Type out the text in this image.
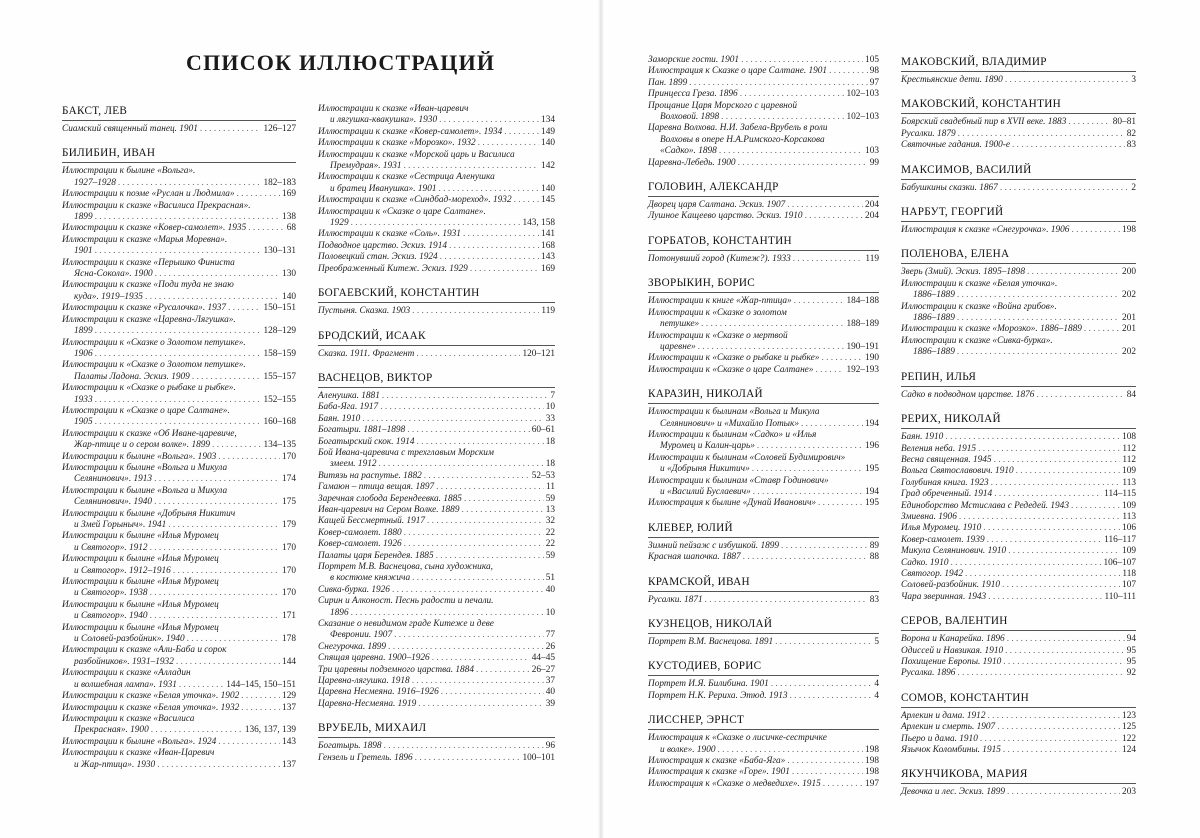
СПИСОК ИЛЛЮСТРАЦИЙ
БАКСТ, ЛЕВ
Сиамский священный танец. 1901 . . .	126–127
БИЛИБИН, ИВАН
Иллюстрации к былине «Вольга».
1927–1928 . . .	182–183
Иллюстрации к поэме «Руслан и Людмила» . . .	169
Иллюстрации к сказке «Василиса Прекрасная».
1899 . . .	138
Иллюстрации к сказке «Ковер-самолет». 1935 . . .	68
Иллюстрации к сказке «Марья Моревна».
1901 . . .	130–131
Иллюстрации к сказке «Перышко Финиста
Ясна-Сокола». 1900 . . .	130
Иллюстрации к сказке «Поди туда не знаю
куда». 1919–1935 . . .	140
Иллюстрации к сказке «Русалочка». 1937 . . .	150–151
Иллюстрации к сказке «Царевна-Лягушка».
1899 . . .	128–129
Иллюстрации к «Сказке о Золотом петушке».
1906 . . .	158–159
Иллюстрации к «Сказке о Золотом петушке».
Палаты Ладона. Эскиз. 1909 . . .	155–157
Иллюстрации к «Сказке о рыбаке и рыбке».
1933 . . .	152–155
Иллюстрации к «Сказке о царе Салтане».
1905 . . .	160–168
Иллюстрации к сказке «Об Иване-царевиче,
Жар-птице и о сером волке». 1899 . . .	134–135
Иллюстрации к былине «Вольга». 1903 . . .	170
Иллюстрации к былине «Вольга и Микула
Селянинович». 1913 . . .	174
Иллюстрации к былине «Вольга и Микула
Селянинович». 1940 . . .	175
Иллюстрации к былине «Добрыня Никитич
и Змей Горыныч». 1941 . . .	179
Иллюстрации к былине «Илья Муромец
и Святогор». 1912 . . .	170
Иллюстрации к былине «Илья Муромец
и Святогор». 1912–1916 . . .	170
Иллюстрации к былине «Илья Муромец
и Святогор». 1938 . . .	170
Иллюстрации к былине «Илья Муромец
и Святогор». 1940 . . .	171
Иллюстрации к былине «Илья Муромец
и Соловей-разбойник». 1940 . . .	178
Иллюстрации к сказке «Али-Баба и сорок
разбойников». 1931–1932 . . .	144
Иллюстрации к сказке «Алладин
и волшебная лампа». 1931 . . .	144–145, 150–151
Иллюстрации к сказке «Белая уточка». 1902 . . .	129
Иллюстрации к сказке «Белая уточка». 1932 . . .	137
Иллюстрации к сказке «Василиса
Прекрасная». 1900 . . .	136, 137, 139
Иллюстрации к былине «Вольга». 1924 . . .	143
Иллюстрации к сказке «Иван-Царевич
и Жар-птица». 1930 . . .	137
Иллюстрации к сказке «Иван-царевич
и лягушка-квакушка». 1930 . . .	134
Иллюстрации к сказке «Ковер-самолет». 1934 . . .	149
Иллюстрации к сказке «Морозко». 1932 . . .	140
Иллюстрации к сказке «Морской царь и Василиса
Премудрая». 1931 . . .	142
Иллюстрации к сказке «Сестрица Аленушка
и братец Иванушка». 1901 . . .	140
Иллюстрации к сказке «Синдбад-мореход». 1932 . . .	145
Иллюстрации к «Сказке о царе Салтане».
1929 . . .	143, 158
Иллюстрации к сказке «Соль». 1931 . . .	141
Подводное царство. Эскиз. 1914 . . .	168
Половецкий стан. Эскиз. 1924 . . .	143
Преображенный Китеж. Эскиз. 1929 . . .	169
БОГАЕВСКИЙ, КОНСТАНТИН
Пустыня. Сказка. 1903 . . .	119
БРОДСКИЙ, ИСААК
Сказка. 1911. Фрагмент . . .	120–121
ВАСНЕЦОВ, ВИКТОР
Аленушка. 1881 . . .	7
Баба-Яга. 1917 . . .	10
Баян. 1910 . . .	33
Богатыри. 1881–1898 . . .	60–61
Богатырский скок. 1914 . . .	18
Бой Ивана-царевича с трехглавым Морским
змеем. 1912 . . .	18
Витязь на распутье. 1882 . . .	52–53
Гамаюн – птица вещая. 1897 . . .	11
Заречная слобода Берендеевка. 1885 . . .	59
Иван-царевич на Сером Волке. 1889 . . .	13
Кащей Бессмертный. 1917 . . .	32
Ковер-самолет. 1880 . . .	22
Ковер-самолет. 1926 . . .	22
Палаты царя Берендея. 1885 . . .	59
Портрет М.В. Васнецова, сына художника,
в костюме княжича . . .	51
Сивка-бурка. 1926 . . .	40
Сирин и Алконост. Песнь радости и печали.
1896 . . .	10
Сказание о невидимом граде Китеже и деве
Февронии. 1907 . . .	77
Снегурочка. 1899 . . .	26
Спящая царевна. 1900–1926 . . .	44–45
Три царевны подземного царства. 1884 . . .	26–27
Царевна-лягушка. 1918 . . .	37
Царевна Несмеяна. 1916–1926 . . .	40
Царевна-Несмеяна. 1919 . . .	39
ВРУБЕЛЬ, МИХАИЛ
Богатырь. 1898 . . .	96
Гензель и Гретель. 1896 . . .	100–101
Заморские гости. 1901 . . .	105
Иллюстрация к Сказке о царе Салтане. 1901 . . .	98
Пан. 1899 . . .	97
Принцесса Греза. 1896 . . .	102–103
Прощание Царя Морского с царевной
Волховой. 1898 . . .	102–103
Царевна Волхова. Н.И. Забела-Врубель в роли
Волховы в опере Н.А.Римского-Корсакова
«Садко». 1898 . . .	103
Царевна-Лебедь. 1900 . . .	99
ГОЛОВИН, АЛЕКСАНДР
Дворец царя Салтана. Эскиз. 1907 . . .	204
Лушное Кащеево царство. Эскиз. 1910 . . .	204
ГОРБАТОВ, КОНСТАНТИН
Потонувший город (Китеж?). 1933 . . .	119
ЗВОРЫКИН, БОРИС
Иллюстрации к книге «Жар-птица» . . .	184–188
Иллюстрации к «Сказке о золотом
петушке» . . .	188–189
Иллюстрации к «Сказке о мертвой
царевне» . . .	190–191
Иллюстрации к «Сказке о рыбаке и рыбке» . . .	190
Иллюстрации к «Сказке о царе Салтане» . . .	192–193
КАРАЗИН, НИКОЛАЙ
Иллюстрации к былинам «Вольга и Микула
Селянинович» и «Михайло Потык» . . .	194
Иллюстрации к былинам «Садко» и «Илья
Муромец и Калин-царь» . . .	196
Иллюстрации к былинам «Соловей Будимирович»
и «Добрыня Никитич» . . .	195
Иллюстрации к былинам «Ставр Годинович»
и «Василий Буслаевич» . . .	194
Иллюстрация к былине «Дунай Иванович» . . .	195
КЛЕВЕР, ЮЛИЙ
Зимний пейзаж с избушкой. 1899 . . .	89
Красная шапочка. 1887 . . .	88
КРАМСКОЙ, ИВАН
Русалки. 1871 . . .	83
КУЗНЕЦОВ, НИКОЛАЙ
Портрет В.М. Васнецова. 1891 . . .	5
КУСТОДИЕВ, БОРИС
Портрет И.Я. Билибина. 1901 . . .	4
Портрет Н.К. Рериха. Этюд. 1913 . . .	4
ЛИССНЕР, ЭРНСТ
Иллюстрация к «Сказке о лисичке-сестричке
и волке». 1900 . . .	198
Иллюстрация к сказке «Баба-Яга» . . .	198
Иллюстрация к сказке «Горе». 1901 . . .	198
Иллюстрация к «Сказке о медведихе». 1915 . . .	197
МАКОВСКИЙ, ВЛАДИМИР
Крестьянские дети. 1890 . . .	3
МАКОВСКИЙ, КОНСТАНТИН
Боярский свадебный пир в XVII веке. 1883 . . .	80–81
Русалки. 1879 . . .	82
Святочные гадания. 1900-е . . .	83
МАКСИМОВ, ВАСИЛИЙ
Бабушкины сказки. 1867 . . .	2
НАРБУТ, ГЕОРГИЙ
Иллюстрация к сказке «Снегурочка». 1906 . . .	198
ПОЛЕНОВА, ЕЛЕНА
Зверь (Змий). Эскиз. 1895–1898 . . .	200
Иллюстрации к сказке «Белая уточка».
1886–1889 . . .	202
Иллюстрации к сказке «Война грибов».
1886–1889 . . .	201
Иллюстрации к сказке «Морозко». 1886–1889 . . .	201
Иллюстрации к сказке «Сивка-бурка».
1886–1889 . . .	202
РЕПИН, ИЛЬЯ
Садко в подводном царстве. 1876 . . .	84
РЕРИХ, НИКОЛАЙ
Баян. 1910 . . .	108
Веления неба. 1915 . . .	112
Весна священная. 1945 . . .	112
Вольга Святославович. 1910 . . .	109
Голубиная книга. 1923 . . .	113
Град обреченный. 1914 . . .	114–115
Единоборство Мстислава с Редедей. 1943 . . .	109
Змиевна. 1906 . . .	113
Илья Муромец. 1910 . . .	106
Ковер-самолет. 1939 . . .	116–117
Микула Селянинович. 1910 . . .	109
Садко. 1910 . . .	106–107
Святогор. 1942 . . .	118
Соловей-разбойник. 1910 . . .	107
Чара зверинная. 1943 . . .	110–111
СЕРОВ, ВАЛЕНТИН
Ворона и Канарейка. 1896 . . .	94
Одиссей и Навзикая. 1910 . . .	95
Похищение Европы. 1910 . . .	95
Русалка. 1896 . . .	92
СОМОВ, КОНСТАНТИН
Арлекин и дама. 1912 . . .	123
Арлекин и смерть. 1907 . . .	125
Пьеро и дама. 1910 . . .	122
Язычок Коломбины. 1915 . . .	124
ЯКУНЧИКОВА, МАРИЯ
Девочка и лес. Эскиз. 1899 . . .	203
